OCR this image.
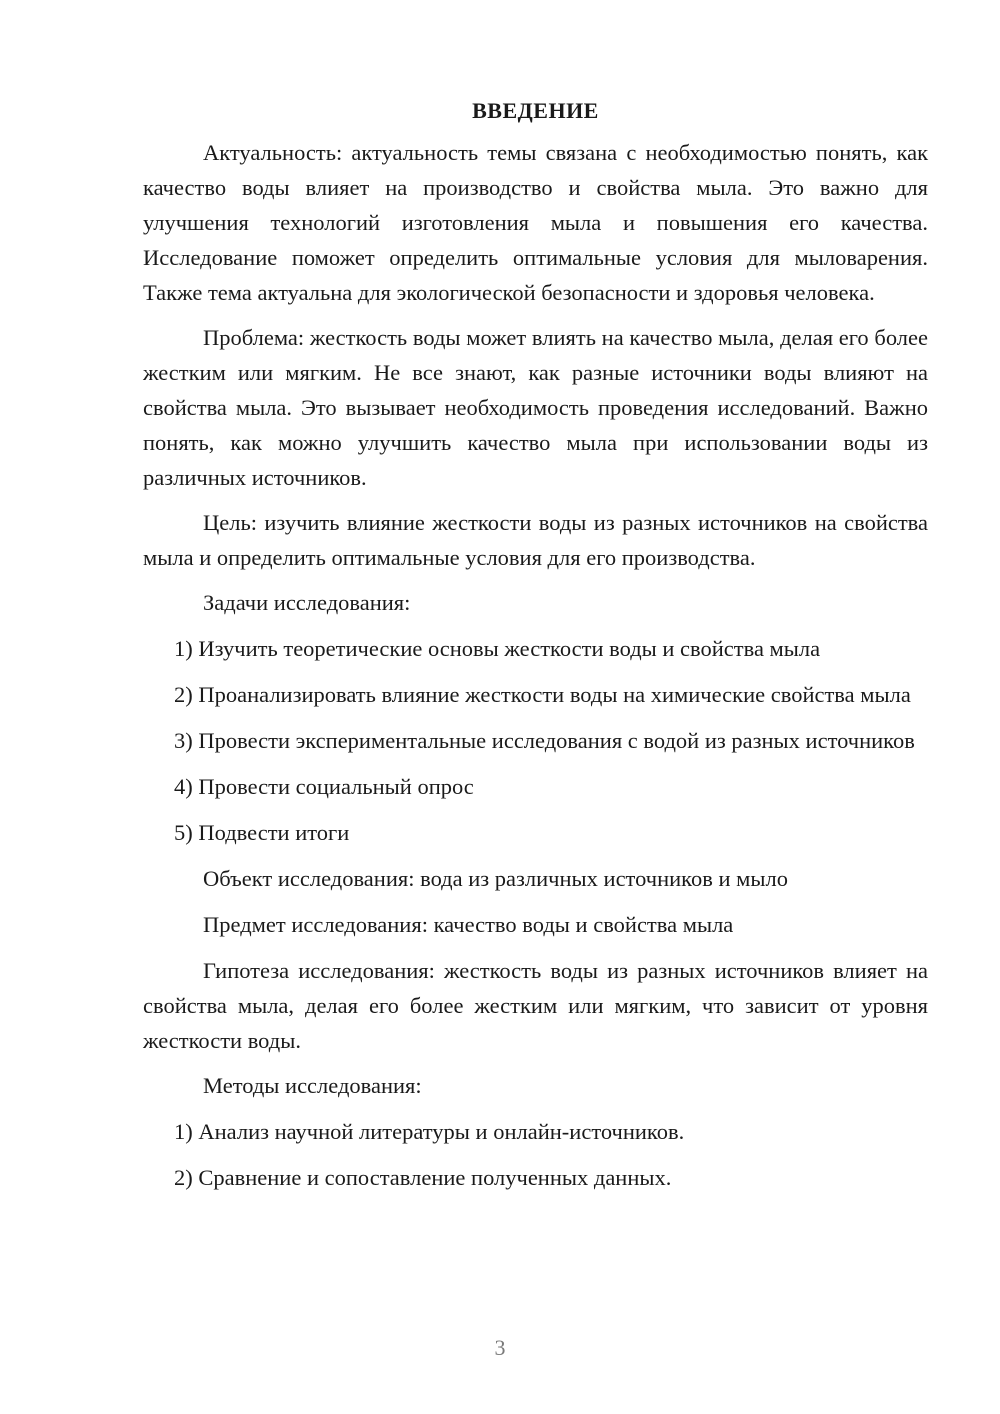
ВВЕДЕНИЕ

Актуальность: актуальность темы связана с необходимостью понять, как качество воды влияет на производство и свойства мыла. Это важно для улучшения технологий изготовления мыла и повышения его качества. Исследование поможет определить оптимальные условия для мыловарения. Также тема актуальна для экологической безопасности и здоровья человека.

Проблема: жесткость воды может влиять на качество мыла, делая его более жестким или мягким. Не все знают, как разные источники воды влияют на свойства мыла. Это вызывает необходимость проведения исследований. Важно понять, как можно улучшить качество мыла при использовании воды из различных источников.

Цель: изучить влияние жесткости воды из разных источников на свойства мыла и определить оптимальные условия для его производства.

Задачи исследования:

1) Изучить теоретические основы жесткости воды и свойства мыла

2) Проанализировать влияние жесткости воды на химические свойства мыла

3) Провести экспериментальные исследования с водой из разных источников

4) Провести социальный опрос

5) Подвести итоги

Объект исследования: вода из различных источников и мыло

Предмет исследования: качество воды и свойства мыла

Гипотеза исследования: жесткость воды из разных источников влияет на свойства мыла, делая его более жестким или мягким, что зависит от уровня жесткости воды.

Методы исследования:

1) Анализ научной литературы и онлайн-источников.

2) Сравнение и сопоставление полученных данных.

3
